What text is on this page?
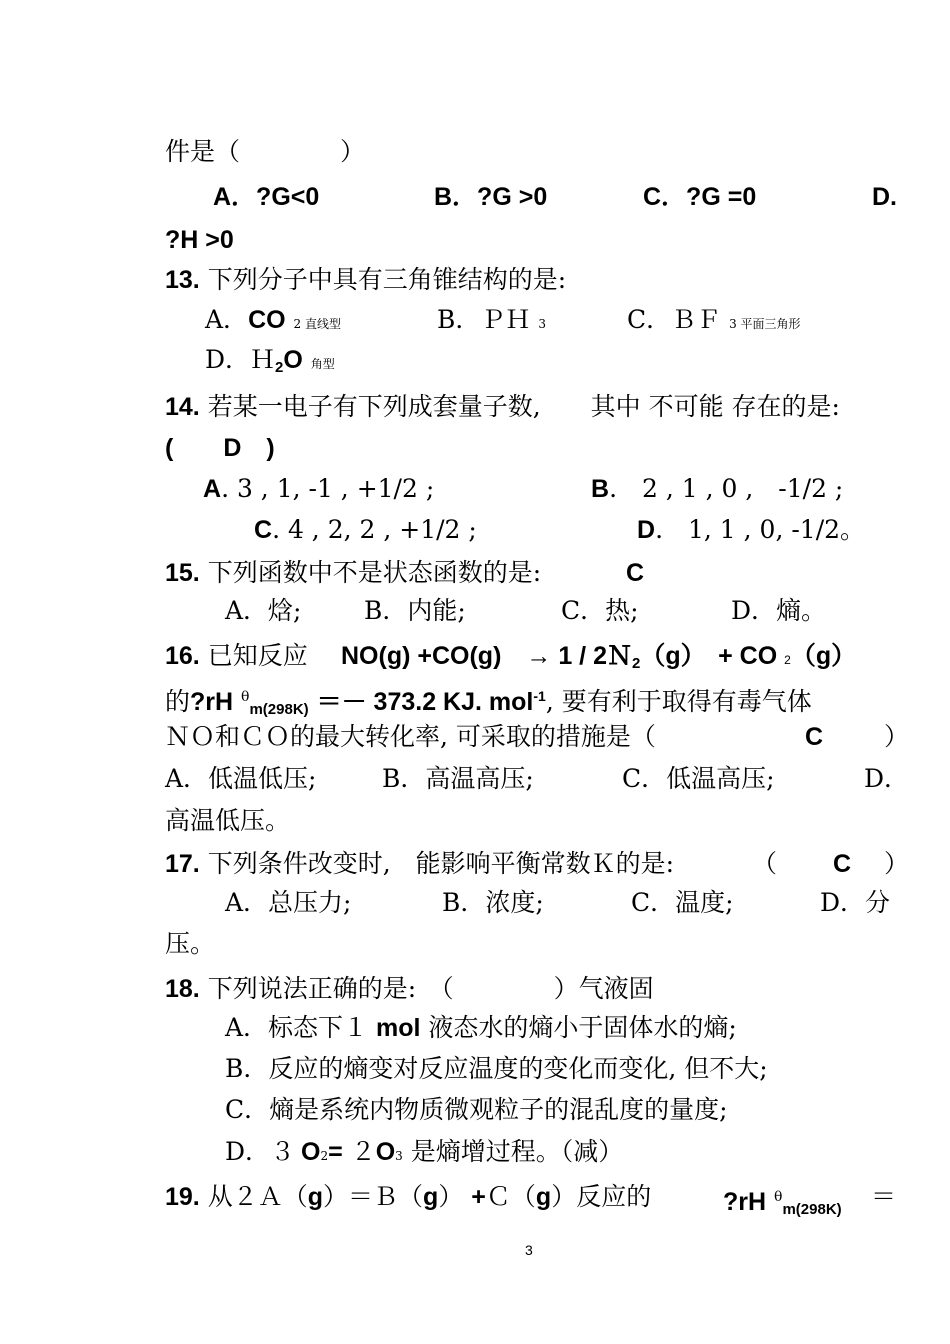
件是（　　　　）
A．?G<0	B．?G >0	C．?G =0	D.
?H >0
13. 下列分子中具有三角锥结构的是:
A．CO 2 直线型	B．ＰＨ 3	C．ＢＦ 3 平面三角形
D．Ｈ$_2$O 角型
14. 若某一电子有下列成套量子数,　　其中 不可能 存在的是:
(　　D　)
A. 3 , 1, -1 , +1/2 ;	B.　2 , 1 , 0 ,　-1/2 ;
C. 4 , 2, 2 , +1/2 ;	D.　1, 1 , 0, -1/2。
15. 下列函数中不是状态函数的是:	C
A．焓;	B．内能;	C．热;	D．熵。
16. 已知反应 NO(g) +CO(g)　→ 1 / 2Ｎ$_2$（g）　 + CO 2（g）
的?rH $^\theta_{m(298K)}$ ＝－ 373.2 KJ. mol$^{-1}$, 要有利于取得有毒气体
ＮＯ和ＣＯ的最大转化率, 可采取的措施是（	C ）
A．低温低压;	B．高温高压;	C．低温高压;	D．
高温低压。
17. 下列条件改变时,　能影响平衡常数Ｋ的是:	（ C ）
A．总压力;	B．浓度;	C．温度;	D．分
压。
18. 下列说法正确的是:　（　　　　）气液固
A．标态下１ mol 液态水的熵小于固体水的熵;
B．反应的熵变对反应温度的变化而变化, 但不大;
C．熵是系统内物质微观粒子的混乱度的量度;
D．３ O2= ２O3 是熵增过程。（减）
19. 从２Ａ（g）＝Ｂ（g） +Ｃ（g）反应的	?rH $^\theta_{m(298K)}$ ＝
3
